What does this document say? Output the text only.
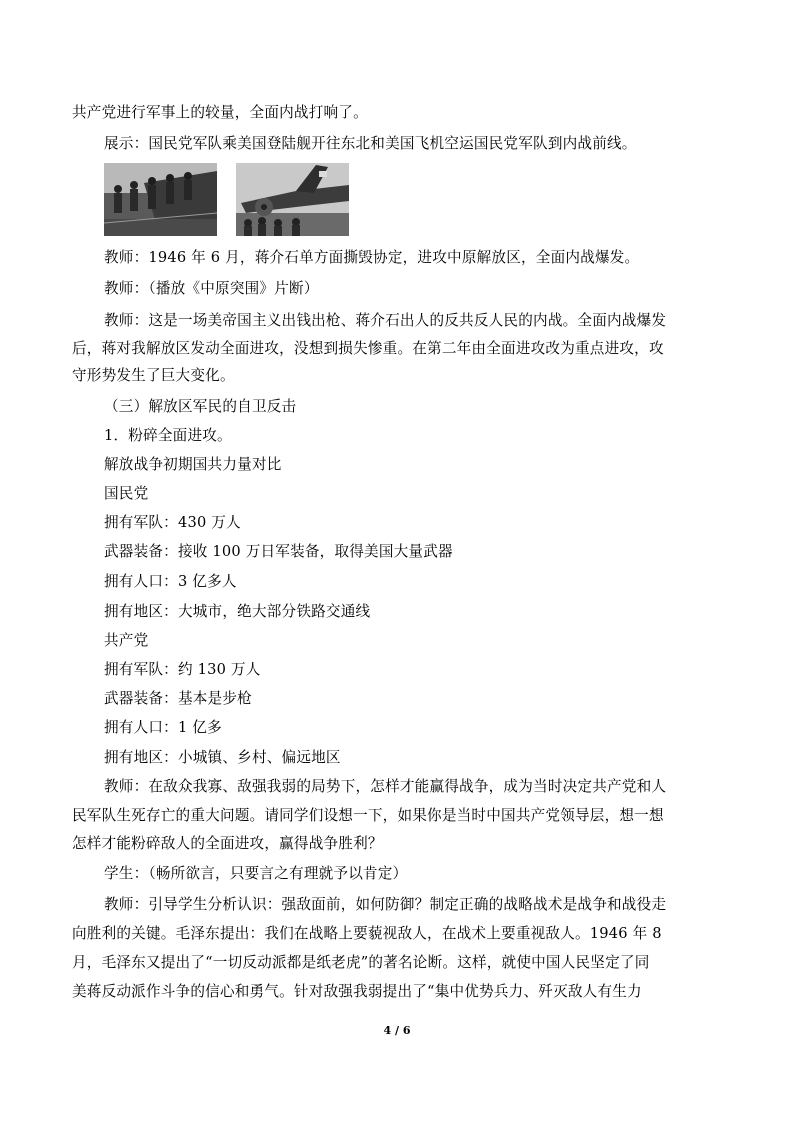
共产党进行军事上的较量，全面内战打响了。
展示：国民党军队乘美国登陆舰开往东北和美国飞机空运国民党军队到内战前线。
教师：1946 年 6 月，蒋介石单方面撕毁协定，进攻中原解放区，全面内战爆发。
教师：（播放《中原突围》片断）
教师：这是一场美帝国主义出钱出枪、蒋介石出人的反共反人民的内战。全面内战爆发
后，蒋对我解放区发动全面进攻，没想到损失惨重。在第二年由全面进攻改为重点进攻，攻
守形势发生了巨大变化。
（三）解放区军民的自卫反击
1．粉碎全面进攻。
解放战争初期国共力量对比
国民党
拥有军队：430 万人
武器装备：接收 100 万日军装备，取得美国大量武器
拥有人口：3 亿多人
拥有地区：大城市，绝大部分铁路交通线
共产党
拥有军队：约 130 万人
武器装备：基本是步枪
拥有人口：1 亿多
拥有地区：小城镇、乡村、偏远地区
教师：在敌众我寡、敌强我弱的局势下，怎样才能赢得战争，成为当时决定共产党和人
民军队生死存亡的重大问题。请同学们设想一下，如果你是当时中国共产党领导层，想一想
怎样才能粉碎敌人的全面进攻，赢得战争胜利？
学生：（畅所欲言，只要言之有理就予以肯定）
教师：引导学生分析认识：强敌面前，如何防御？制定正确的战略战术是战争和战役走
向胜利的关键。毛泽东提出：我们在战略上要藐视敌人，在战术上要重视敌人。1946 年 8
月，毛泽东又提出了“一切反动派都是纸老虎”的著名论断。这样，就使中国人民坚定了同
美蒋反动派作斗争的信心和勇气。针对敌强我弱提出了“集中优势兵力、歼灭敌人有生力
4 / 6
